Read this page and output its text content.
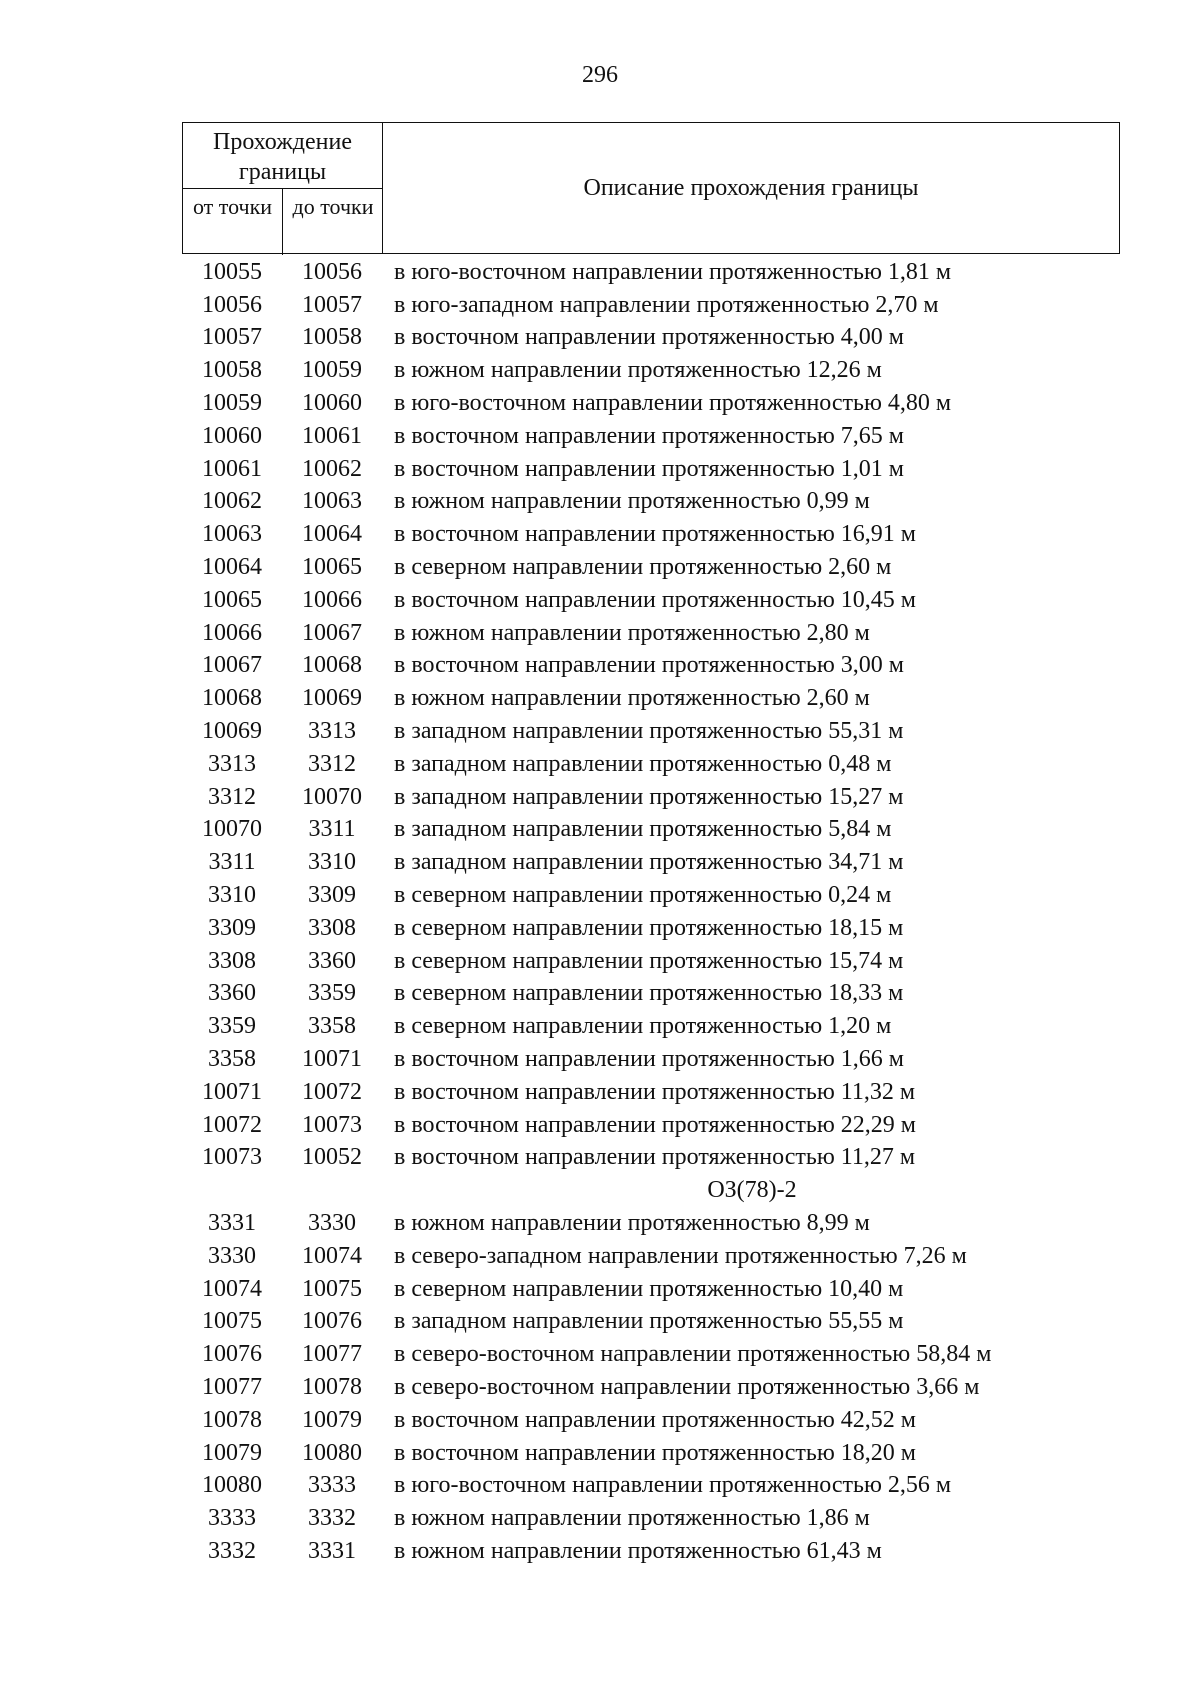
296
Прохождение границы
от точки до точки
Описание прохождения границы
10055	10056	в юго-восточном направлении протяженностью 1,81 м
10056	10057	в юго-западном направлении протяженностью 2,70 м
10057	10058	в восточном направлении протяженностью 4,00 м
10058	10059	в южном направлении протяженностью 12,26 м
10059	10060	в юго-восточном направлении протяженностью 4,80 м
10060	10061	в восточном направлении протяженностью 7,65 м
10061	10062	в восточном направлении протяженностью 1,01 м
10062	10063	в южном направлении протяженностью 0,99 м
10063	10064	в восточном направлении протяженностью 16,91 м
10064	10065	в северном направлении протяженностью 2,60 м
10065	10066	в восточном направлении протяженностью 10,45 м
10066	10067	в южном направлении протяженностью 2,80 м
10067	10068	в восточном направлении протяженностью 3,00 м
10068	10069	в южном направлении протяженностью 2,60 м
10069	3313	в западном направлении протяженностью 55,31 м
3313	3312	в западном направлении протяженностью 0,48 м
3312	10070	в западном направлении протяженностью 15,27 м
10070	3311	в западном направлении протяженностью 5,84 м
3311	3310	в западном направлении протяженностью 34,71 м
3310	3309	в северном направлении протяженностью 0,24 м
3309	3308	в северном направлении протяженностью 18,15 м
3308	3360	в северном направлении протяженностью 15,74 м
3360	3359	в северном направлении протяженностью 18,33 м
3359	3358	в северном направлении протяженностью 1,20 м
3358	10071	в восточном направлении протяженностью 1,66 м
10071	10072	в восточном направлении протяженностью 11,32 м
10072	10073	в восточном направлении протяженностью 22,29 м
10073	10052	в восточном направлении протяженностью 11,27 м
ОЗ(78)-2
3331	3330	в южном направлении протяженностью 8,99 м
3330	10074	в северо-западном направлении протяженностью 7,26 м
10074	10075	в северном направлении протяженностью 10,40 м
10075	10076	в западном направлении протяженностью 55,55 м
10076	10077	в северо-восточном направлении протяженностью 58,84 м
10077	10078	в северо-восточном направлении протяженностью 3,66 м
10078	10079	в восточном направлении протяженностью 42,52 м
10079	10080	в восточном направлении протяженностью 18,20 м
10080	3333	в юго-восточном направлении протяженностью 2,56 м
3333	3332	в южном направлении протяженностью 1,86 м
3332	3331	в южном направлении протяженностью 61,43 м
